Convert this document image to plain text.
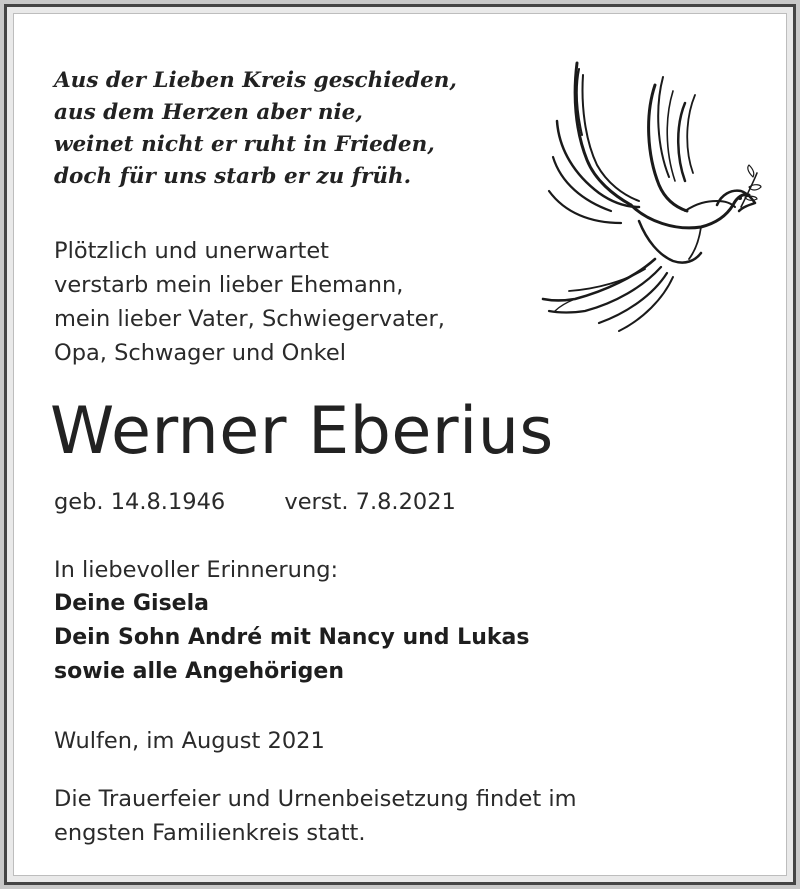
Aus der Lieben Kreis geschieden,
aus dem Herzen aber nie,
weinet nicht er ruht in Frieden,
doch für uns starb er zu früh.
Plötzlich und unerwartet
verstarb mein lieber Ehemann,
mein lieber Vater, Schwiegervater,
Opa, Schwager und Onkel
Werner Eberius
geb. 14.8.1946	verst. 7.8.2021
In liebevoller Erinnerung:
Deine Gisela
Dein Sohn André mit Nancy und Lukas
sowie alle Angehörigen
Wulfen, im August 2021
Die Trauerfeier und Urnenbeisetzung findet im
engsten Familienkreis statt.
